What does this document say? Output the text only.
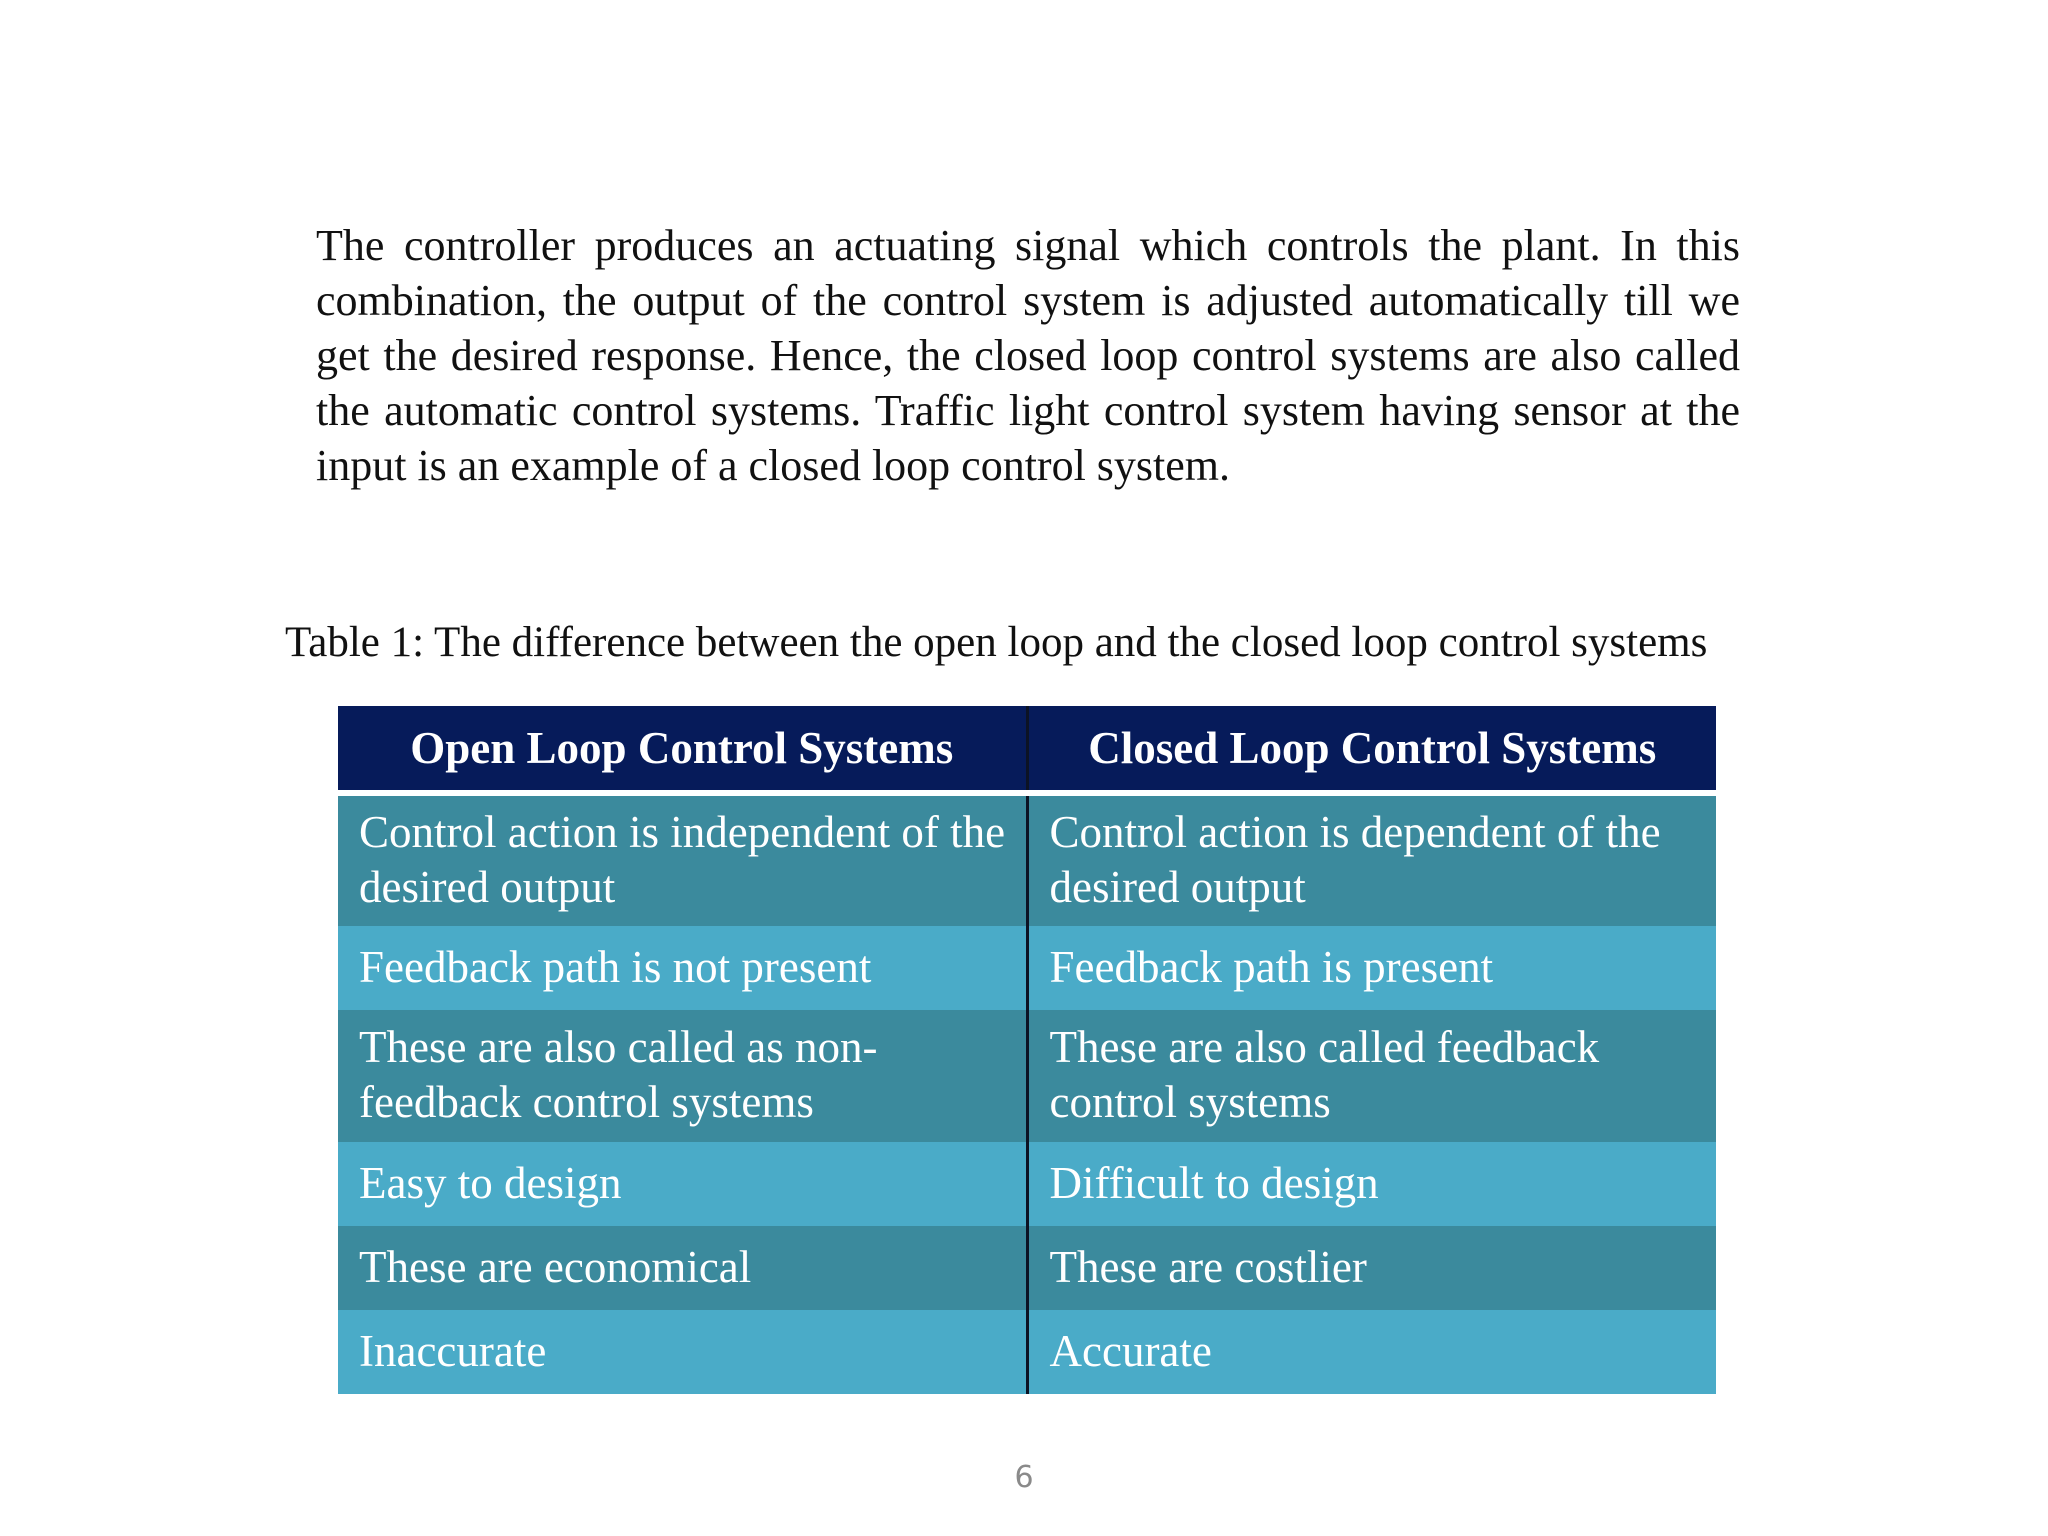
The controller produces an actuating signal which controls the plant. In this combination, the output of the control system is adjusted automatically till we get the desired response. Hence, the closed loop control systems are also called the automatic control systems. Traffic light control system having sensor at the input is an example of a closed loop control system.

Table 1: The difference between the open loop and the closed loop control systems

Open Loop Control Systems	Closed Loop Control Systems
Control action is independent of the desired output	Control action is dependent of the desired output
Feedback path is not present	Feedback path is present
These are also called as non-feedback control systems	These are also called feedback control systems
Easy to design	Difficult to design
These are economical	These are costlier
Inaccurate	Accurate
6
